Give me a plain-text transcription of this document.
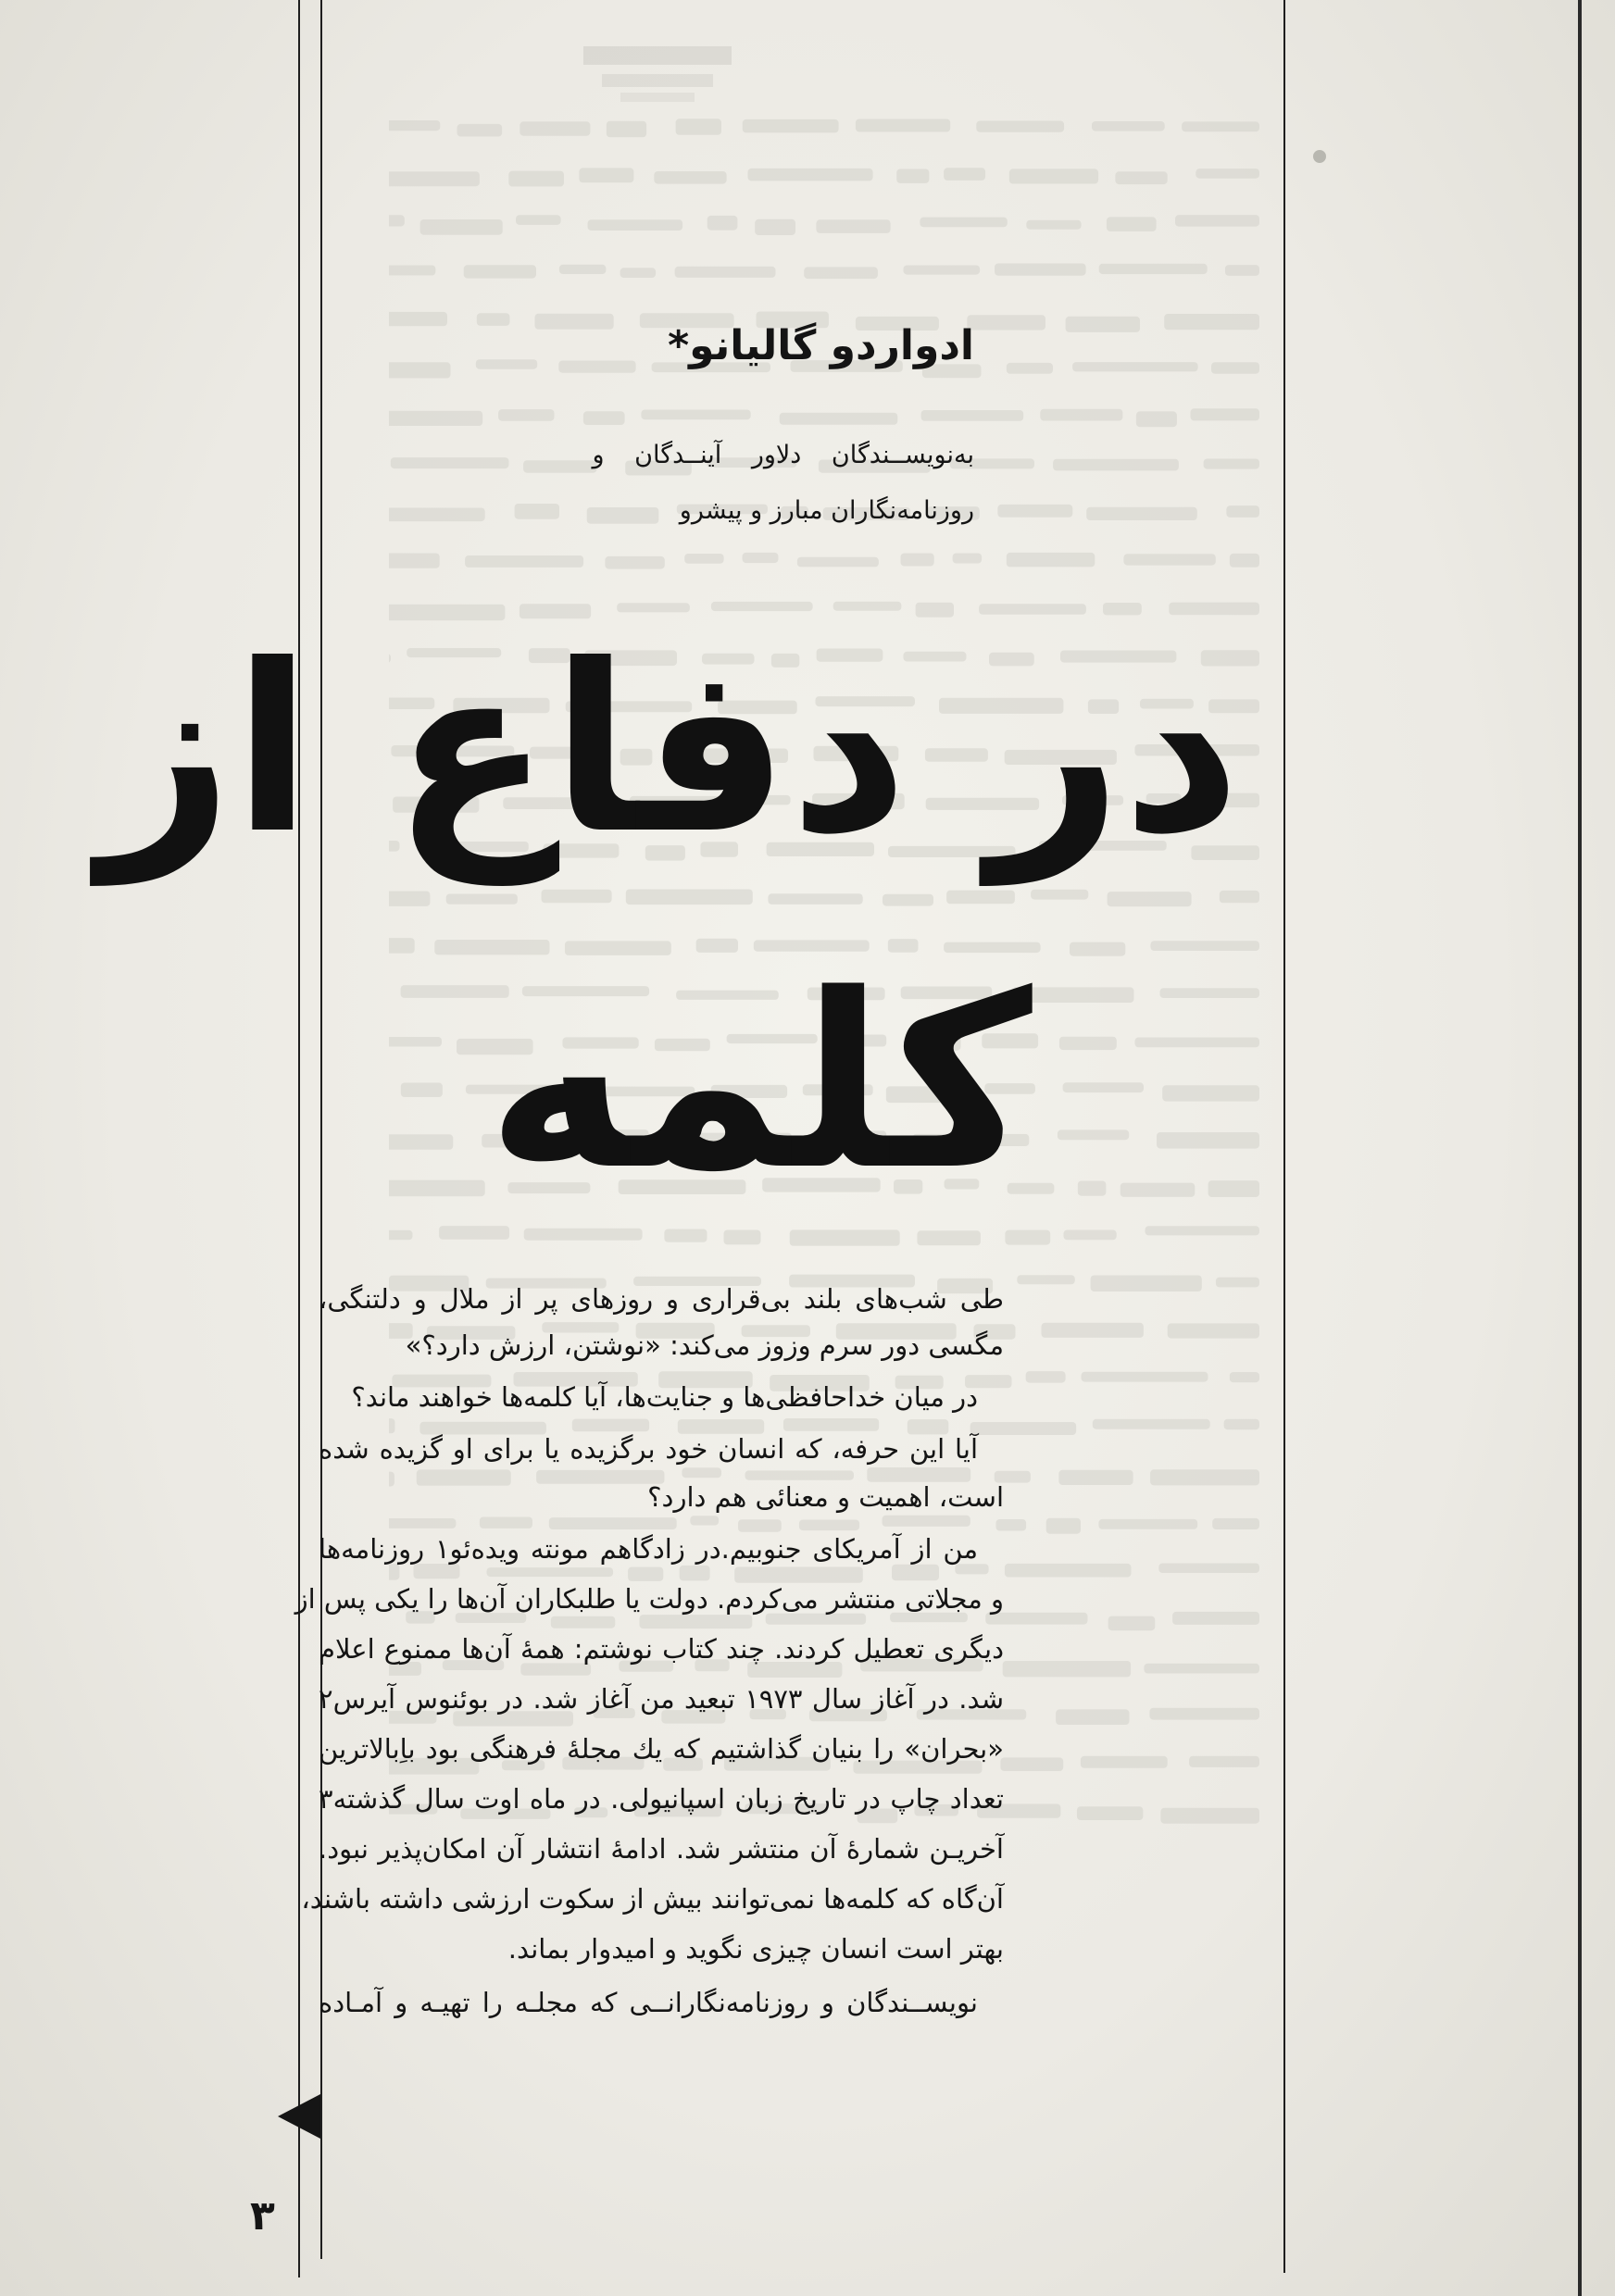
ادواردو گالیانو*
به‌نویســندگان دلاور آینــدگان و
روزنامه‌نگاران مبارز و پیشرو
در دفاع از
کلمه
طی شب‌های بلند بی‌قراری و روزهای پر از ملال و دلتنگی،
مگسی دور سرم وزوز می‌کند: «نوشتن، ارزش دارد؟»
در میان خداحافظی‌ها و جنایت‌ها، آیا کلمه‌ها خواهند ماند؟
آیا این حرفه، که انسان خود برگزیده یا برای او گزیده شده
است، اهمیت و معنائی هم دارد؟
من از آمریکای جنوبیم.در زادگاهم مونته ویده‌ئو۱ روزنامه‌ها
و مجلاتی منتشر می‌کردم. دولت یا طلبکاران آن‌ها را یکی پس از
دیگری تعطیل کردند. چند کتاب نوشتم: همهٔ آن‌ها ممنوع اعلام
شد. در آغاز سال ۱۹۷۳ تبعید من آغاز شد. در بوئنوس آیرس۲
«بحران» را بنیان گذاشتیم که یك مجلهٔ فرهنگی بود باِبالاترین
تعداد چاپ در تاریخ زبان اسپانیولی. در ماه اوت سال گذشته۳
آخریـن شمارهٔ آن منتشر شد. ادامهٔ انتشار آن امکان‌پذیر نبود.
آن‌گاه که کلمه‌ها نمی‌توانند بیش از سکوت ارزشی داشته باشند،
بهتر است انسان چیزی نگوید و امیدوار بماند.
نویســندگان و روزنامه‌نگارانــی که مجلـه را تهیـه و آمـاده
۳
